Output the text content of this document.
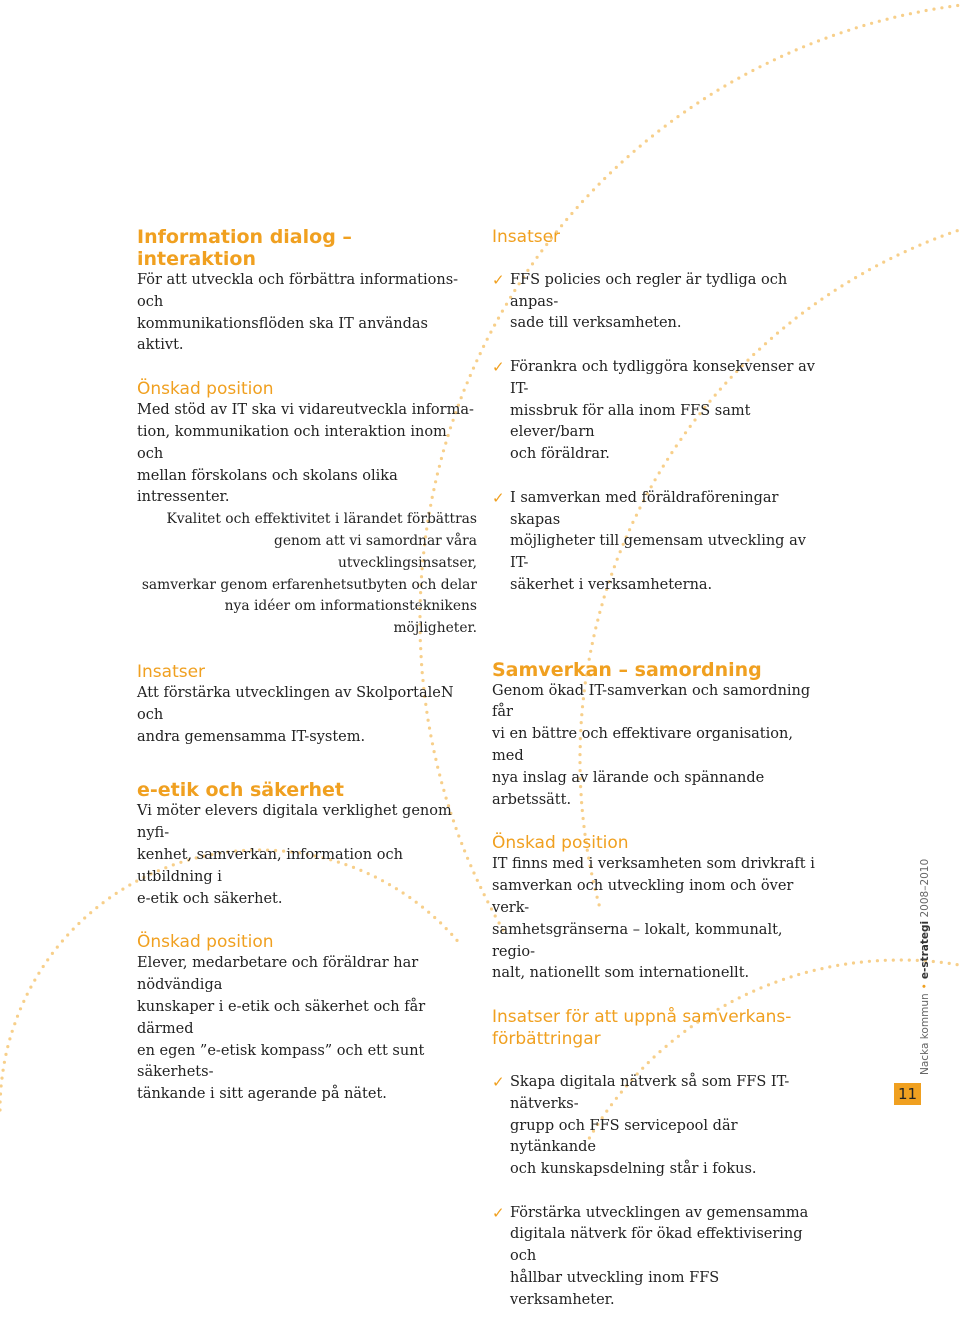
Information dialog –
interaktion

För att utveckla och förbättra informations- och
kommunikationsflöden ska IT användas aktivt.

Önskad position

Med stöd av IT ska vi vidareutveckla informa-
tion, kommunikation och interaktion inom och
mellan förskolans och skolans olika intressenter.

Kvalitet och effektivitet i lärandet förbättras
genom att vi samordnar våra utvecklingsinsatser,
samverkar genom erfarenhetsutbyten och delar
nya idéer om informationsteknikens möjligheter.

Insatser

Att förstärka utvecklingen av SkolportaleN och
andra gemensamma IT-system.

e-etik och säkerhet

Vi möter elevers digitala verklighet genom nyfi-
kenhet, samverkan, information och utbildning i
e-etik och säkerhet.

Önskad position

Elever, medarbetare och föräldrar har nödvändiga
kunskaper i e-etik och säkerhet och får därmed
en egen ”e-etisk kompass” och ett sunt säkerhets-
tänkande i sitt agerande på nätet.

Insatser

✓ FFS policies och regler är tydliga och anpas-
sade till verksamheten.

✓ Förankra och tydliggöra konsekvenser av IT-
missbruk för alla inom FFS samt elever/barn
och föräldrar.

✓ I samverkan med föräldraföreningar skapas
möjligheter till gemensam utveckling av IT-
säkerhet i verksamheterna.

Samverkan – samordning

Genom ökad IT-samverkan och samordning får
vi en bättre och effektivare organisation, med
nya inslag av lärande och spännande arbetssätt.

Önskad position

IT finns med i verksamheten som drivkraft i
samverkan och utveckling inom och över verk-
samhetsgränserna – lokalt, kommunalt, regio-
nalt, nationellt som internationellt.

Insatser för att uppnå samverkans-
förbättringar

✓ Skapa digitala nätverk så som FFS IT-nätverks-
grupp och FFS servicepool där nytänkande
och kunskapsdelning står i fokus.

✓ Förstärka utvecklingen av gemensamma
digitala nätverk för ökad effektivisering och
hållbar utveckling inom FFS verksamheter.

Nacka kommun•e-strategi 2008–2010
11
